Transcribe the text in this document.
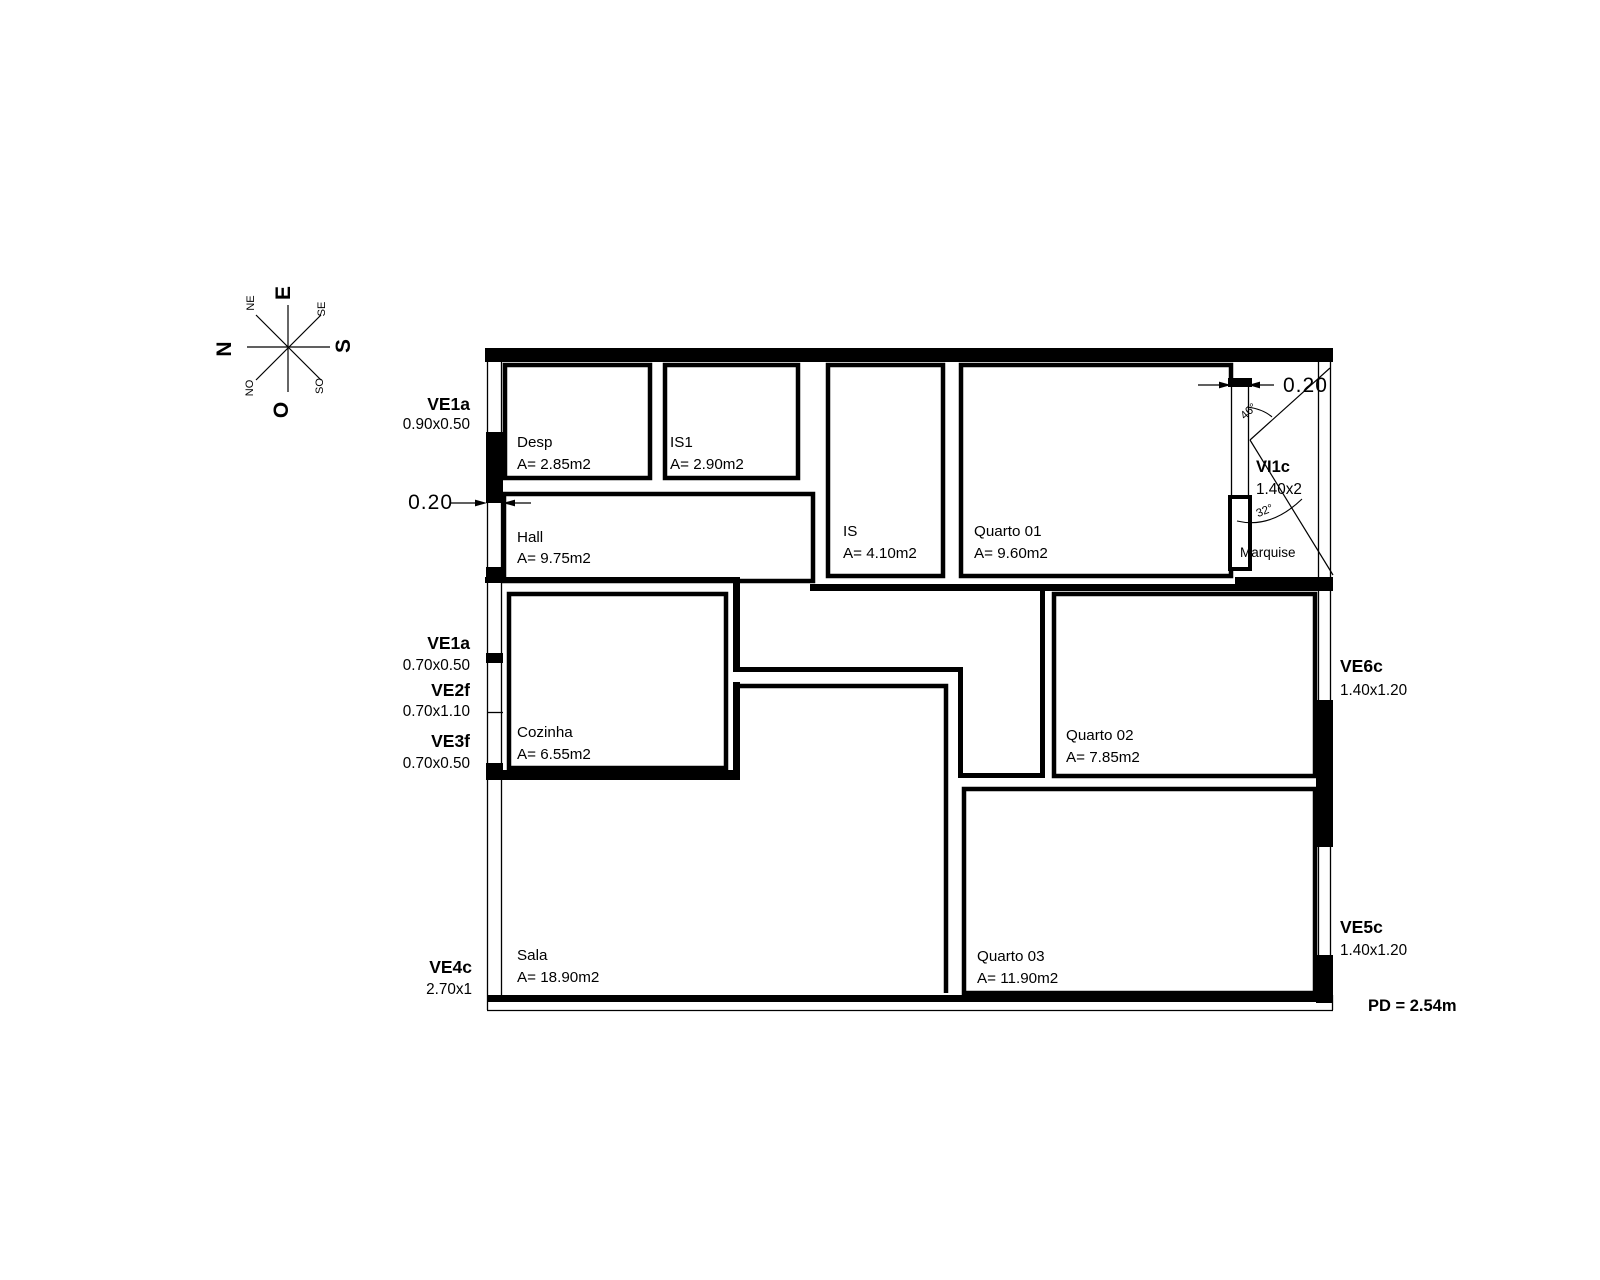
E
N	S
O
NE	SE
NO	SO
46°
32°
0.20
0.20
Desp
A= 2.85m2
IS1
A= 2.90m2
IS
A= 4.10m2
Quarto 01
A= 9.60m2
Hall
A= 9.75m2
Cozinha
A= 6.55m2
Quarto 02
A= 7.85m2
Sala
A= 18.90m2
Quarto 03
A= 11.90m2
Marquise
VE1a
0.90x0.50
VE1a
0.70x0.50
VE2f
0.70x1.10
VE3f
0.70x0.50
VE4c
2.70x1
VE6c
1.40x1.20
VE5c
1.40x1.20
VI1c
1.40x2
PD = 2.54m
